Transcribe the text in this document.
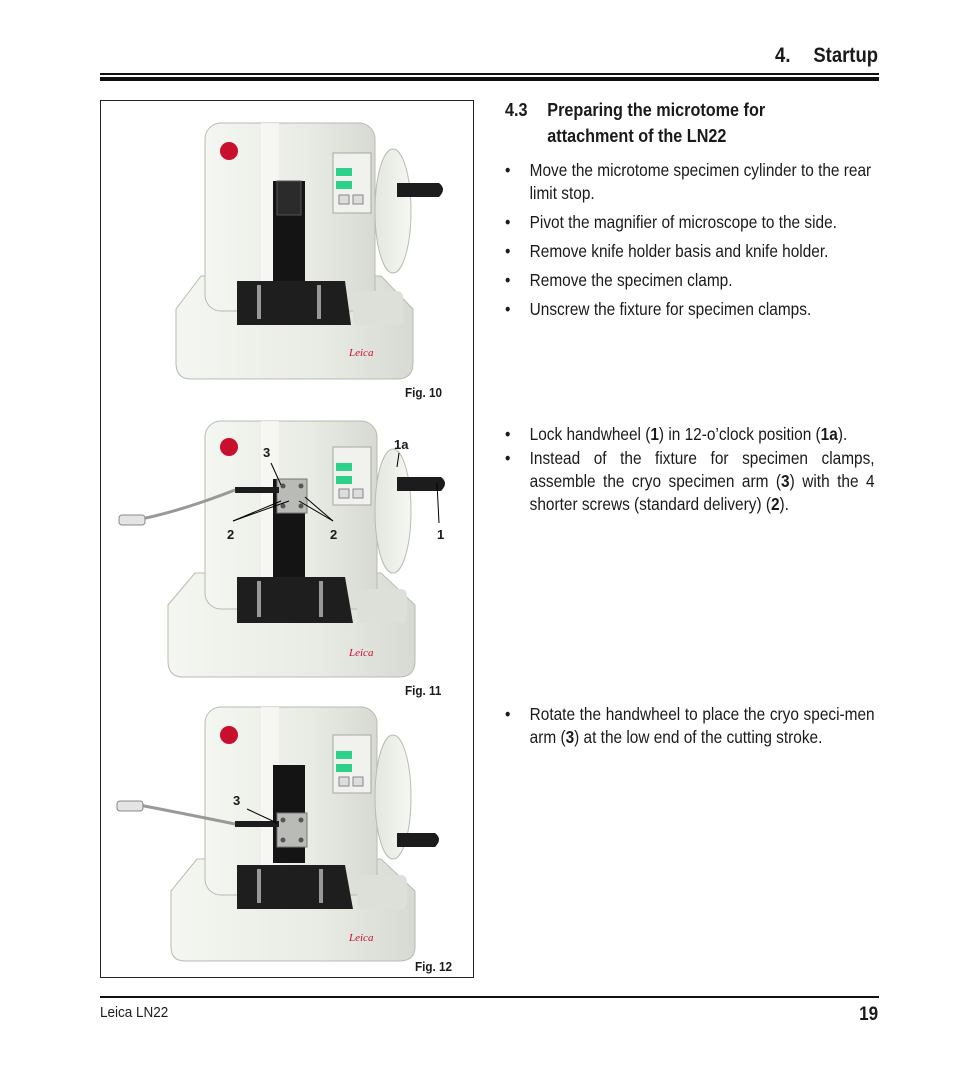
4. Startup
Leica
Leica
Leica
Fig. 10
Fig. 11
Fig. 12
3
1a
2	2	1
3
4.3 Preparing the microtome for
attachment of the LN22
• Move the microtome specimen cylinder to the rear limit stop.
• Pivot the magnifier of microscope to the side.
• Remove knife holder basis and knife holder.
• Remove the specimen clamp.
• Unscrew the fixture for specimen clamps.
• Lock handwheel (1) in 12-o’clock position (1a).
• Instead of the fixture for specimen clamps, assemble the cryo specimen arm (3) with the 4 shorter screws (standard delivery) (2).
• Rotate the handwheel to place the cryo speci-men arm (3) at the low end of the cutting stroke.
Leica LN22	19
